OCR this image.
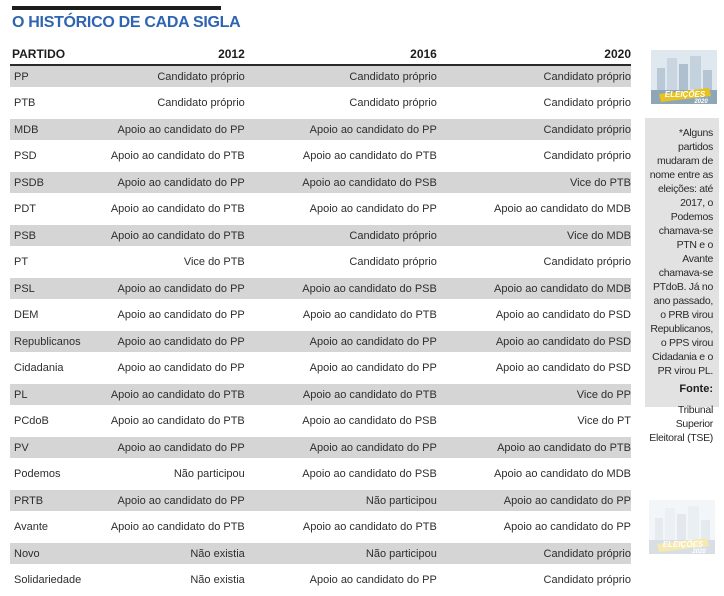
O HISTÓRICO DE CADA SIGLA
PARTIDO	2012	2016	2020
PP	Candidato próprio	Candidato próprio	Candidato próprio
PTB	Candidato próprio	Candidato próprio	Candidato próprio
MDB	Apoio ao candidato do PP	Apoio ao candidato do PP	Candidato próprio
PSD	Apoio ao candidato do PTB	Apoio ao candidato do PTB	Candidato próprio
PSDB	Apoio ao candidato do PP	Apoio ao candidato do PSB	Vice do PTB
PDT	Apoio ao candidato do PTB	Apoio ao candidato do PP	Apoio ao candidato do MDB
PSB	Apoio ao candidato do PTB	Candidato próprio	Vice do MDB
PT	Vice do PTB	Candidato próprio	Candidato próprio
PSL	Apoio ao candidato do PP	Apoio ao candidato do PSB	Apoio ao candidato do MDB
DEM	Apoio ao candidato do PP	Apoio ao candidato do PTB	Apoio ao candidato do PSD
Republicanos	Apoio ao candidato do PP	Apoio ao candidato do PP	Apoio ao candidato do PSD
Cidadania	Apoio ao candidato do PP	Apoio ao candidato do PP	Apoio ao candidato do PSD
PL	Apoio ao candidato do PTB	Apoio ao candidato do PTB	Vice do PP
PCdoB	Apoio ao candidato do PTB	Apoio ao candidato do PSB	Vice do PT
PV	Apoio ao candidato do PP	Apoio ao candidato do PP	Apoio ao candidato do PTB
Podemos	Não participou	Apoio ao candidato do PSB	Apoio ao candidato do MDB
PRTB	Apoio ao candidato do PP	Não participou	Apoio ao candidato do PP
Avante	Apoio ao candidato do PTB	Apoio ao candidato do PTB	Apoio ao candidato do PP
Novo	Não existia	Não participou	Candidato próprio
Solidariedade	Não existia	Apoio ao candidato do PP	Candidato próprio
ELEIÇÕES
2020
*Alguns partidos mudaram de nome entre as eleições: até 2017, o Podemos chamava-se PTN e o Avante chamava-se PTdoB. Já no ano passado, o PRB virou Republicanos, o PPS virou Cidadania e o PR virou PL.
Fonte:
Tribunal Superior Eleitoral (TSE)
ELEIÇÕES
2020
